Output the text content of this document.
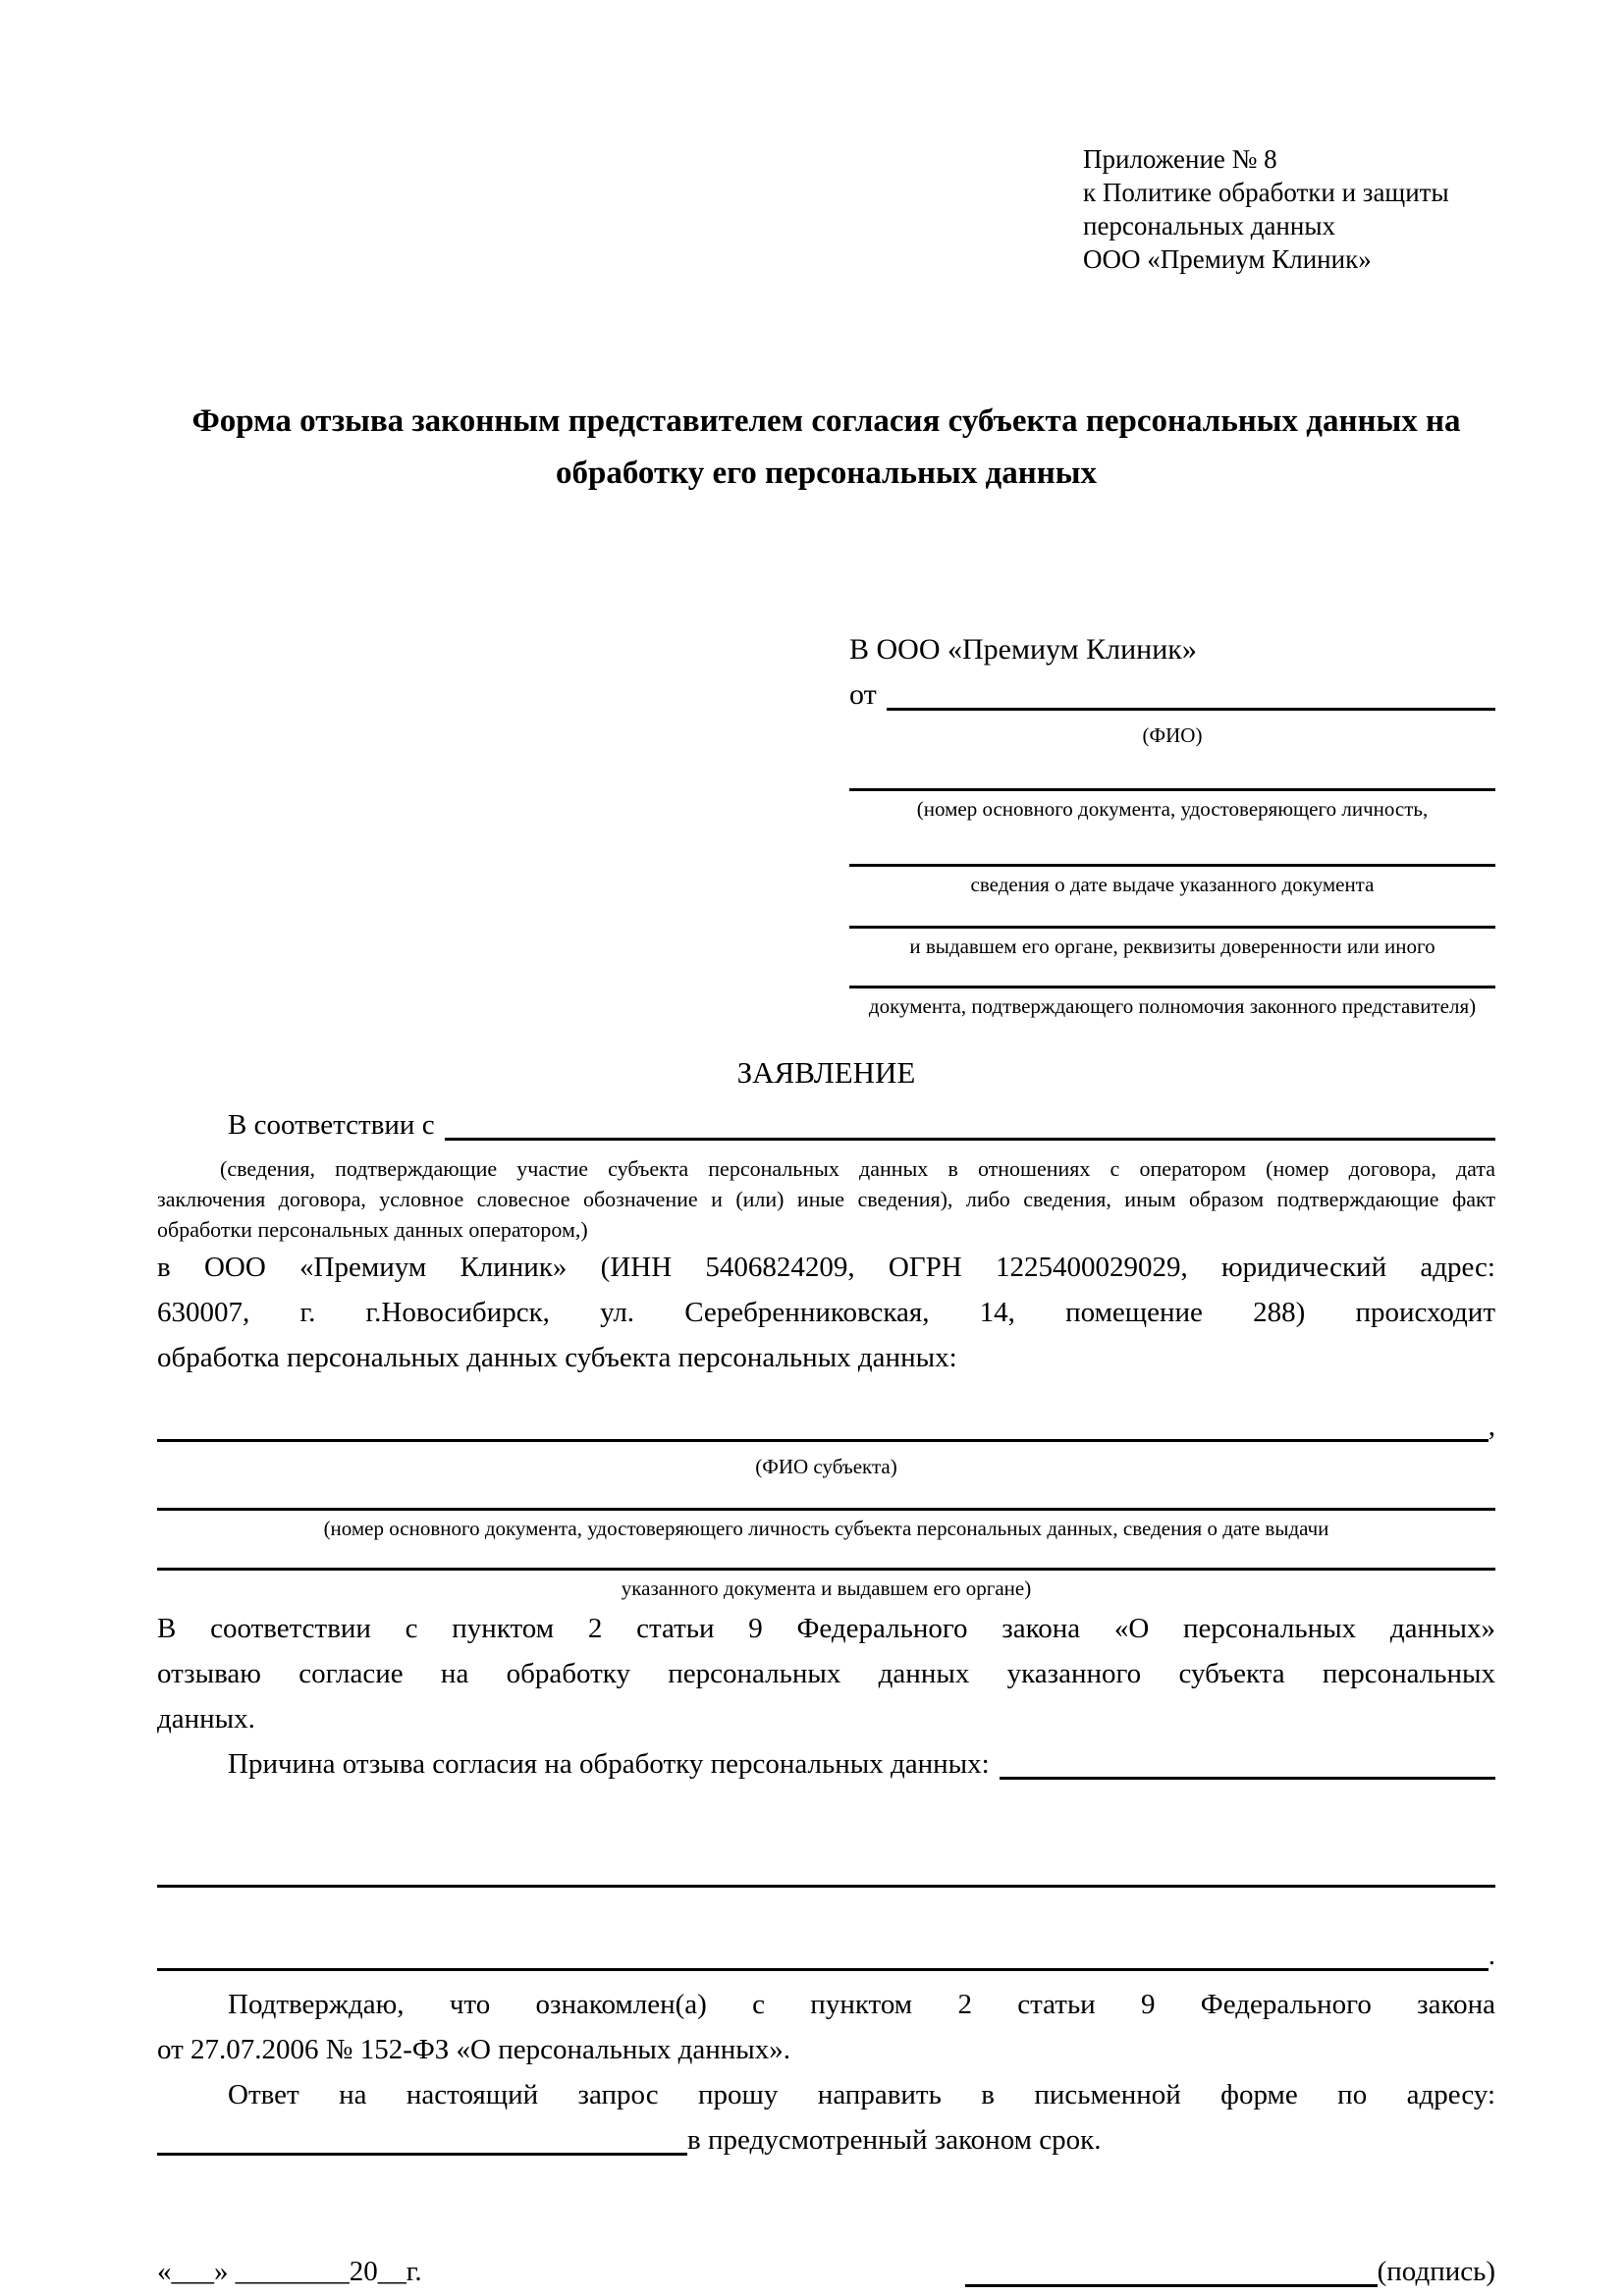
Приложение № 8
к Политике обработки и защиты
персональных данных
ООО «Премиум Клиник»
Форма отзыва законным представителем согласия субъекта персональных данных на обработку его персональных данных
В ООО «Премиум Клиник»
от
(ФИО)
(номер основного документа, удостоверяющего личность,
сведения о дате выдаче указанного документа
и выдавшем его органе, реквизиты доверенности или иного
документа, подтверждающего полномочия законного представителя)
ЗАЯВЛЕНИЕ
В соответствии с
(сведения, подтверждающие участие субъекта персональных данных в отношениях с оператором (номер договора, дата
заключения договора, условное словесное обозначение и (или) иные сведения), либо сведения, иным образом подтверждающие факт
обработки персональных данных оператором,)
в ООО «Премиум Клиник» (ИНН 5406824209, ОГРН 1225400029029, юридический адрес:
630007, г. г.Новосибирск, ул. Серебренниковская, 14, помещение 288) происходит
обработка персональных данных субъекта персональных данных:
,
(ФИО субъекта)
(номер основного документа, удостоверяющего личность субъекта персональных данных, сведения о дате выдачи
указанного документа и выдавшем его органе)
В соответствии с пунктом 2 статьи 9 Федерального закона «О персональных данных»
отзываю согласие на обработку персональных данных указанного субъекта персональных
данных.
Причина отзыва согласия на обработку персональных данных:
.
Подтверждаю, что ознакомлен(а) с пунктом 2 статьи 9 Федерального закона
от 27.07.2006 № 152-ФЗ «О персональных данных».
Ответ на настоящий запрос прошу направить в письменной форме по адресу:
в предусмотренный законом срок.
«___» ________20__г.	(подпись)
